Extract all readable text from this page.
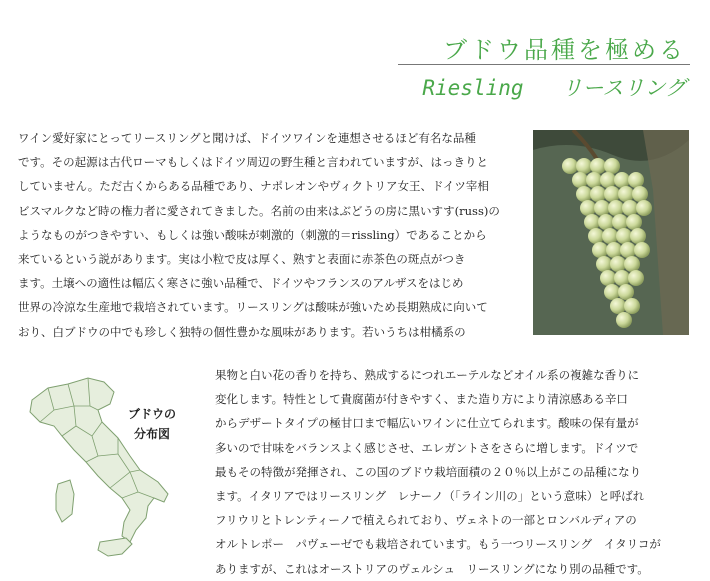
ブドウ品種を極める
Riesling   リースリング
ワイン愛好家にとってリースリングと聞けば、ドイツワインを連想させるほど有名な品種
です。その起源は古代ローマもしくはドイツ周辺の野生種と言われていますが、はっきりと
していません。ただ古くからある品種であり、ナポレオンやヴィクトリア女王、ドイツ宰相
ビスマルクなど時の権力者に愛されてきました。名前の由来はぶどうの房に黒いすす(russ)の
ようなものがつきやすい、もしくは強い酸味が刺激的（刺激的＝rissling）であることから
来ているという説があります。実は小粒で皮は厚く、熟すと表面に赤茶色の斑点がつき
ます。土壌への適性は幅広く寒さに強い品種で、ドイツやフランスのアルザスをはじめ
世界の冷涼な生産地で栽培されています。リースリングは酸味が強いため長期熟成に向いて
おり、白ブドウの中でも珍しく独特の個性豊かな風味があります。若いうちは柑橘系の
ブドウの
分布図
果物と白い花の香りを持ち、熟成するにつれエーテルなどオイル系の複雑な香りに
変化します。特性として貴腐菌が付きやすく、また造り方により清涼感ある辛口
からデザートタイプの極甘口まで幅広いワインに仕立てられます。酸味の保有量が
多いので甘味をバランスよく感じさせ、エレガントさをさらに増します。ドイツで
最もその特徴が発揮され、この国のブドウ栽培面積の２０％以上がこの品種になり
ます。イタリアではリースリング　レナーノ（「ライン川の」という意味）と呼ばれ
フリウリとトレンティーノで植えられており、ヴェネトの一部とロンバルディアの
オルトレポー　パヴェーゼでも栽培されています。もう一つリースリング　イタリコが
ありますが、これはオーストリアのヴェルシュ　リースリングになり別の品種です。
